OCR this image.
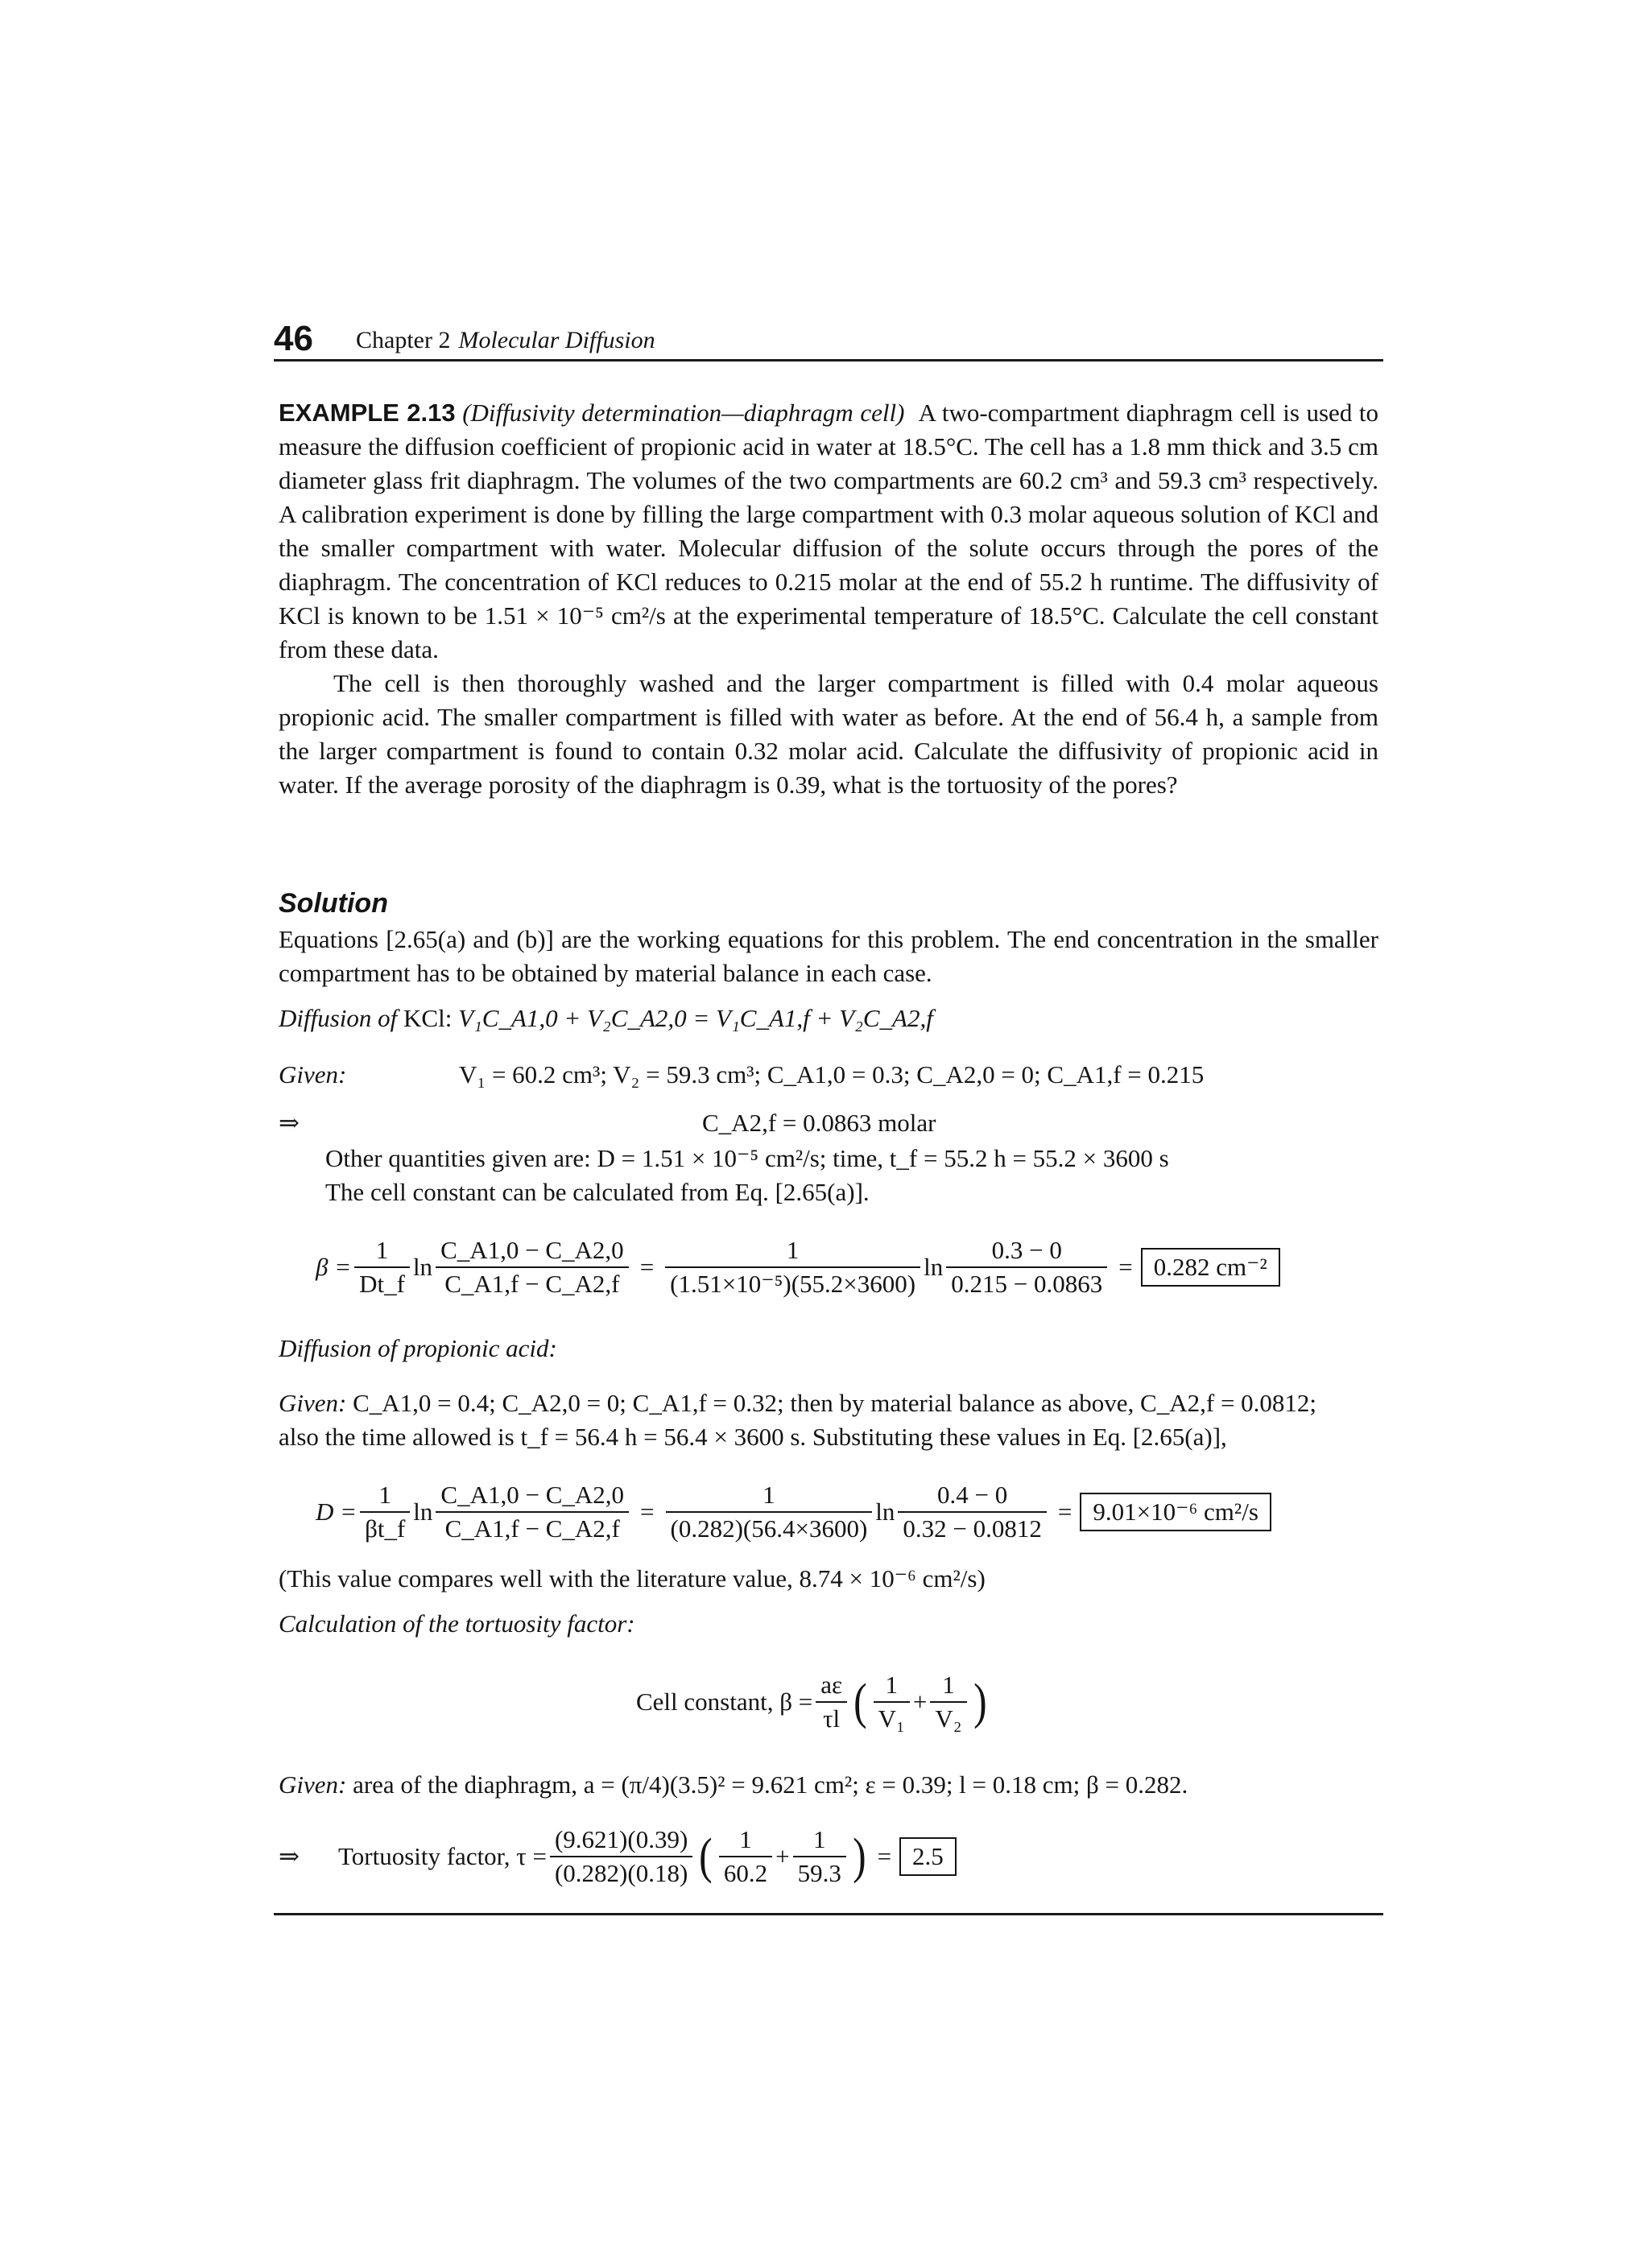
46 Chapter 2 Molecular Diffusion

EXAMPLE 2.13 (Diffusivity determination—diaphragm cell) A two-compartment diaphragm cell is used to measure the diffusion coefficient of propionic acid in water at 18.5°C. The cell has a 1.8 mm thick and 3.5 cm diameter glass frit diaphragm. The volumes of the two compartments are 60.2 cm³ and 59.3 cm³ respectively. A calibration experiment is done by filling the large compartment with 0.3 molar aqueous solution of KCl and the smaller compartment with water. Molecular diffusion of the solute occurs through the pores of the diaphragm. The concentration of KCl reduces to 0.215 molar at the end of 55.2 h runtime. The diffusivity of KCl is known to be 1.51 × 10⁻⁵ cm²/s at the experimental temperature of 18.5°C. Calculate the cell constant from these data.

The cell is then thoroughly washed and the larger compartment is filled with 0.4 molar aqueous propionic acid. The smaller compartment is filled with water as before. At the end of 56.4 h, a sample from the larger compartment is found to contain 0.32 molar acid. Calculate the diffusivity of propionic acid in water. If the average porosity of the diaphragm is 0.39, what is the tortuosity of the pores?

Solution
Equations [2.65(a) and (b)] are the working equations for this problem. The end concentration in the smaller compartment has to be obtained by material balance in each case.
Diffusion of KCl: V₁C_A1,0 + V₂C_A2,0 = V₁C_A1,f + V₂C_A2,f
Given:	V₁ = 60.2 cm³; V₂ = 59.3 cm³; C_A1,0 = 0.3; C_A2,0 = 0; C_A1,f = 0.215
⇒	C_A2,f = 0.0863 molar
Other quantities given are: D = 1.51 × 10⁻⁵ cm²/s; time, t_f = 55.2 h = 55.2 × 3600 s
The cell constant can be calculated from Eq. [2.65(a)].
$\beta = \frac{1}{Dt\_f}$ $\ln \frac{C\_A1,0 - C\_A2,0}{C\_A1,f - C\_A2,f} = \frac{1}{\text{(1.51×10⁻⁵)(55.2×3600)}}$ $\ln \frac{0.3 - 0}{0.215 - 0.0863} = 0.282$ cm⁻²
Diffusion of propionic acid:
Given: C_A1,0 = 0.4; C_A2,0 = 0; C_A1,f = 0.32; then by material balance as above, C_A2,f = 0.0812;
also the time allowed is t_f = 56.4 h = 56.4 × 3600 s. Substituting these values in Eq. [2.65(a)],
$D = \frac{1}{\beta t\_f}$ $\ln \frac{C\_A1,0 - C\_A2,0}{C\_A1,f - C\_A2,f} = \frac{1}{(0.282)(56.4\times 3600)}$ $\ln \frac{0.4 - 0}{0.32 - 0.0812} = 9.01\times 10^{-6}$ cm²/s
(This value compares well with the literature value, 8.74 × 10⁻⁶ cm²/s)
Calculation of the tortuosity factor:
Cell constant, $\beta = \frac{a\varepsilon}{\tau l}$ ( $\frac{1}{\text{V₁}} + \frac{1}{\text{V₂}}$ )
Given: area of the diaphragm, a = (π/4)(3.5)² = 9.621 cm²; ε = 0.39; l = 0.18 cm; β = 0.282.
⇒ Tortuosity factor, $\tau = \frac{(9.621)(0.39)}{(0.282)(0.18)}$ ( $\frac{1}{60.2} + \frac{1}{59.3}$ ) = 2.5
